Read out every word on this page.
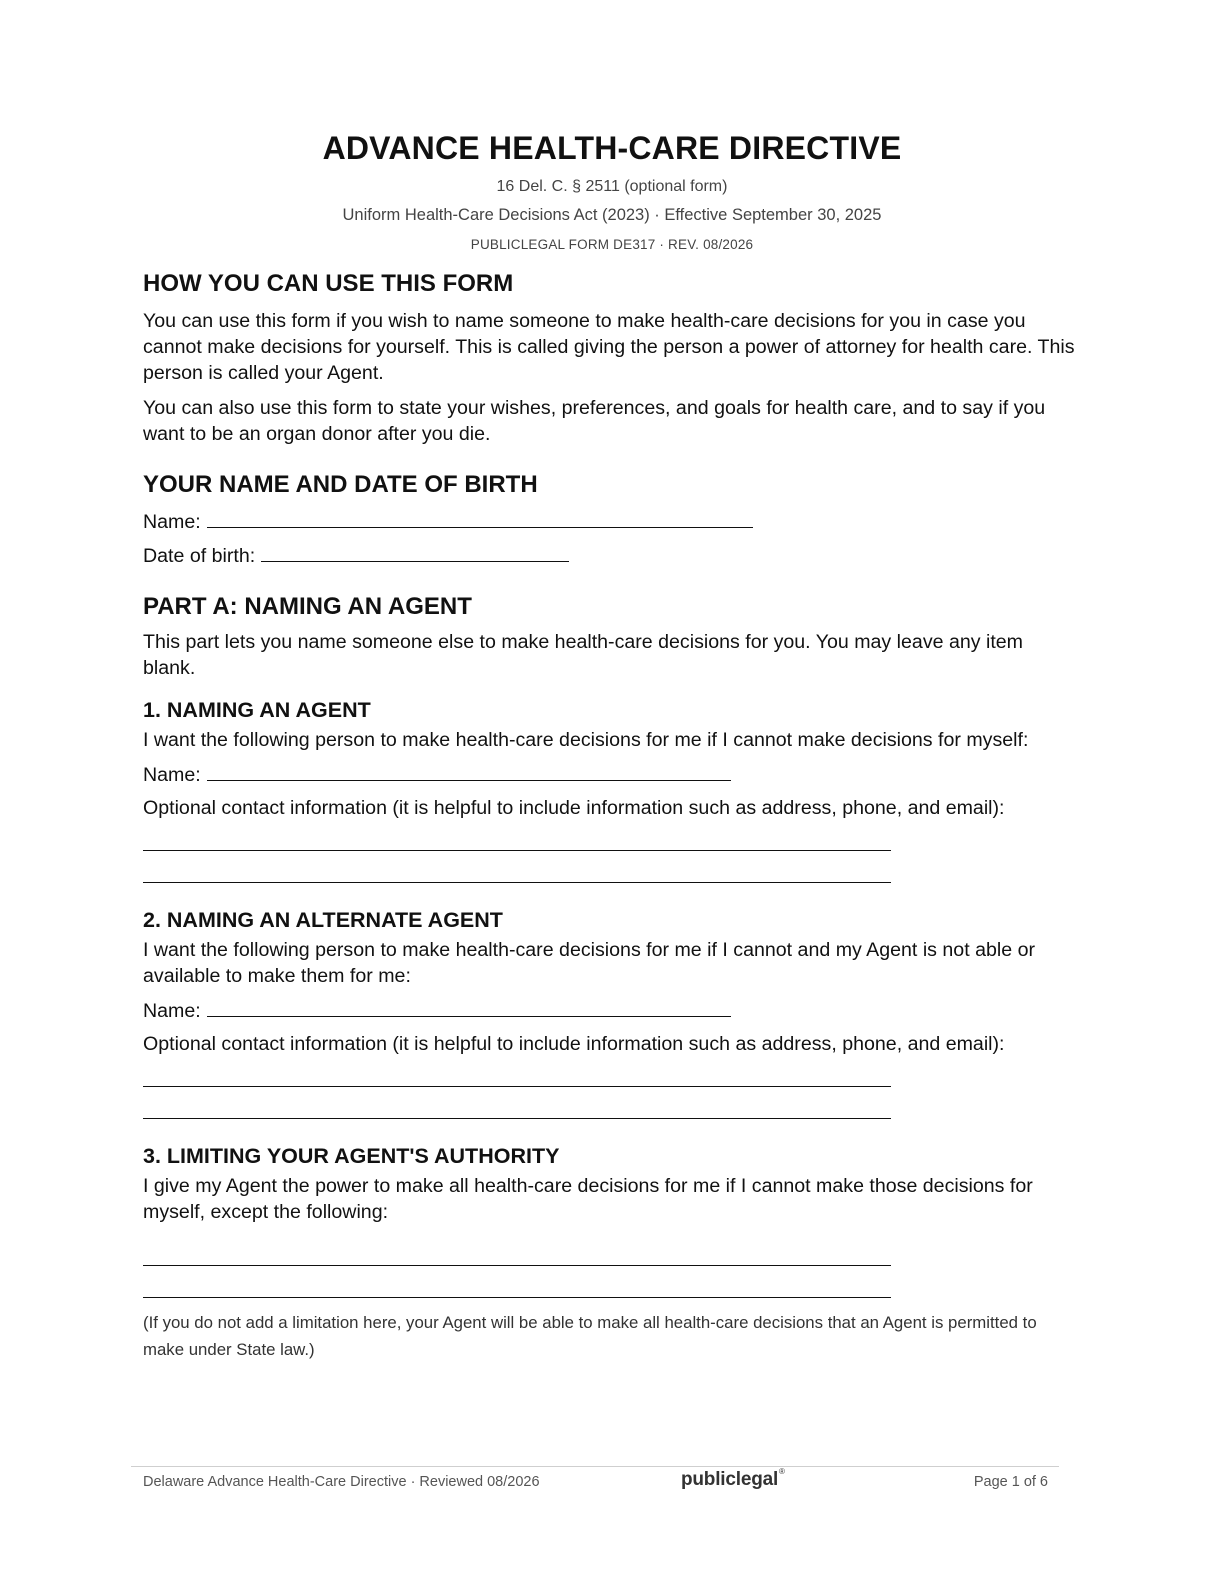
ADVANCE HEALTH-CARE DIRECTIVE
16 Del. C. § 2511 (optional form)
Uniform Health-Care Decisions Act (2023) · Effective September 30, 2025
PUBLICLEGAL FORM DE317 · REV. 08/2026
HOW YOU CAN USE THIS FORM

You can use this form if you wish to name someone to make health-care decisions for you in case you cannot make decisions for yourself. This is called giving the person a power of attorney for health care. This person is called your Agent.

You can also use this form to state your wishes, preferences, and goals for health care, and to say if you want to be an organ donor after you die.

YOUR NAME AND DATE OF BIRTH
Name:
Date of birth:
PART A: NAMING AN AGENT

This part lets you name someone else to make health-care decisions for you. You may leave any item blank.

1. NAMING AN AGENT

I want the following person to make health-care decisions for me if I cannot make decisions for myself:

Name:

Optional contact information (it is helpful to include information such as address, phone, and email):

2. NAMING AN ALTERNATE AGENT

I want the following person to make health-care decisions for me if I cannot and my Agent is not able or available to make them for me:

Name:

Optional contact information (it is helpful to include information such as address, phone, and email):

3. LIMITING YOUR AGENT'S AUTHORITY

I give my Agent the power to make all health-care decisions for me if I cannot make those decisions for myself, except the following:

(If you do not add a limitation here, your Agent will be able to make all health-care decisions that an Agent is permitted to make under State law.)

Delaware Advance Health-Care Directive · Reviewed 08/2026	publiclegal®
Page 1 of 6
